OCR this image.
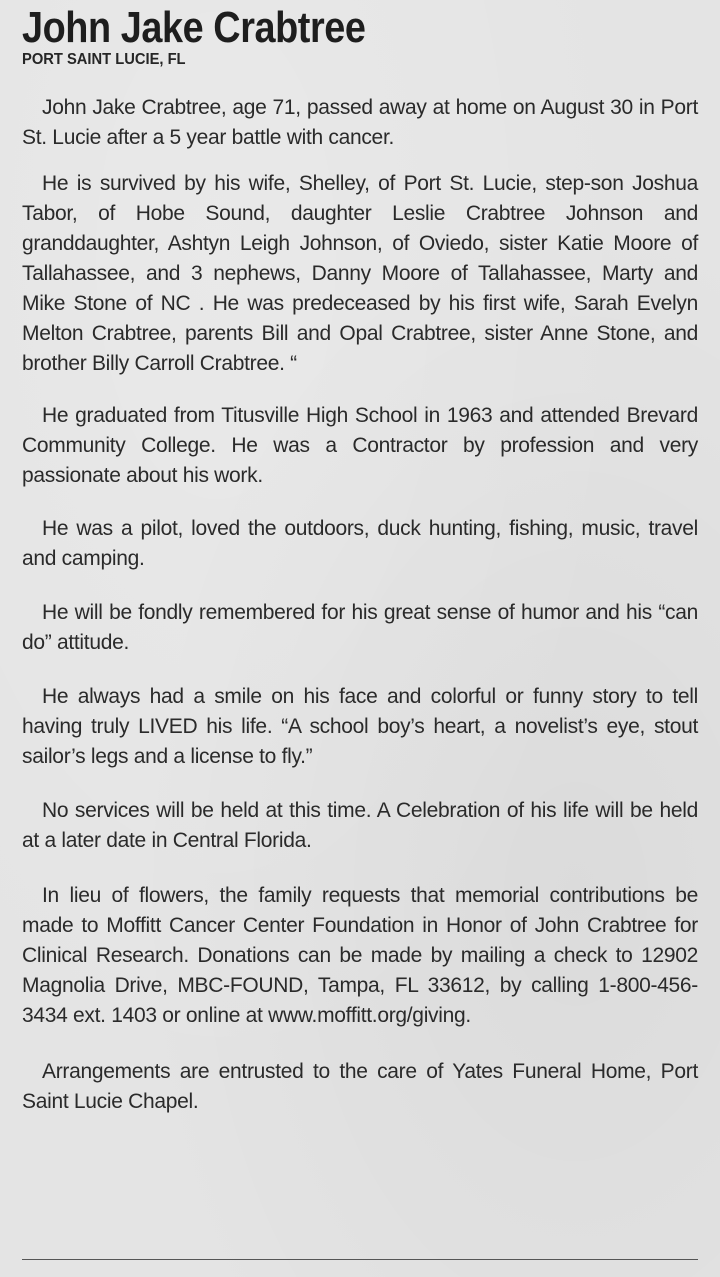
John Jake Crabtree
PORT SAINT LUCIE, FL

John Jake Crabtree, age 71, passed away at home on August 30 in Port St. Lucie after a 5 year battle with cancer.

He is survived by his wife, Shelley, of Port St. Lucie, step-son Joshua Tabor, of Hobe Sound, daughter Leslie Crabtree Johnson and granddaughter, Ashtyn Leigh Johnson, of Oviedo, sister Katie Moore of Tallahassee, and 3 nephews, Danny Moore of Tallahassee, Marty and Mike Stone of NC . He was predeceased by his first wife, Sarah Evelyn Melton Crabtree, parents Bill and Opal Crabtree, sister Anne Stone, and brother Billy Carroll Crabtree. “

He graduated from Titusville High School in 1963 and attended Brevard Community College. He was a Contractor by profession and very passionate about his work.

He was a pilot, loved the outdoors, duck hunting, fishing, music, travel and camping.

He will be fondly remembered for his great sense of humor and his “can do” attitude.

He always had a smile on his face and colorful or funny story to tell having truly LIVED his life. “A school boy’s heart, a novelist’s eye, stout sailor’s legs and a license to fly.”

No services will be held at this time. A Celebration of his life will be held at a later date in Central Florida.

In lieu of flowers, the family requests that memorial contributions be made to Moffitt Cancer Center Foundation in Honor of John Crabtree for Clinical Research. Donations can be made by mailing a check to 12902 Magnolia Drive, MBC-FOUND, Tampa, FL 33612, by calling 1-800-456-3434 ext. 1403 or online at www.moffitt.org/giving.

Arrangements are entrusted to the care of Yates Funeral Home, Port Saint Lucie Chapel.
